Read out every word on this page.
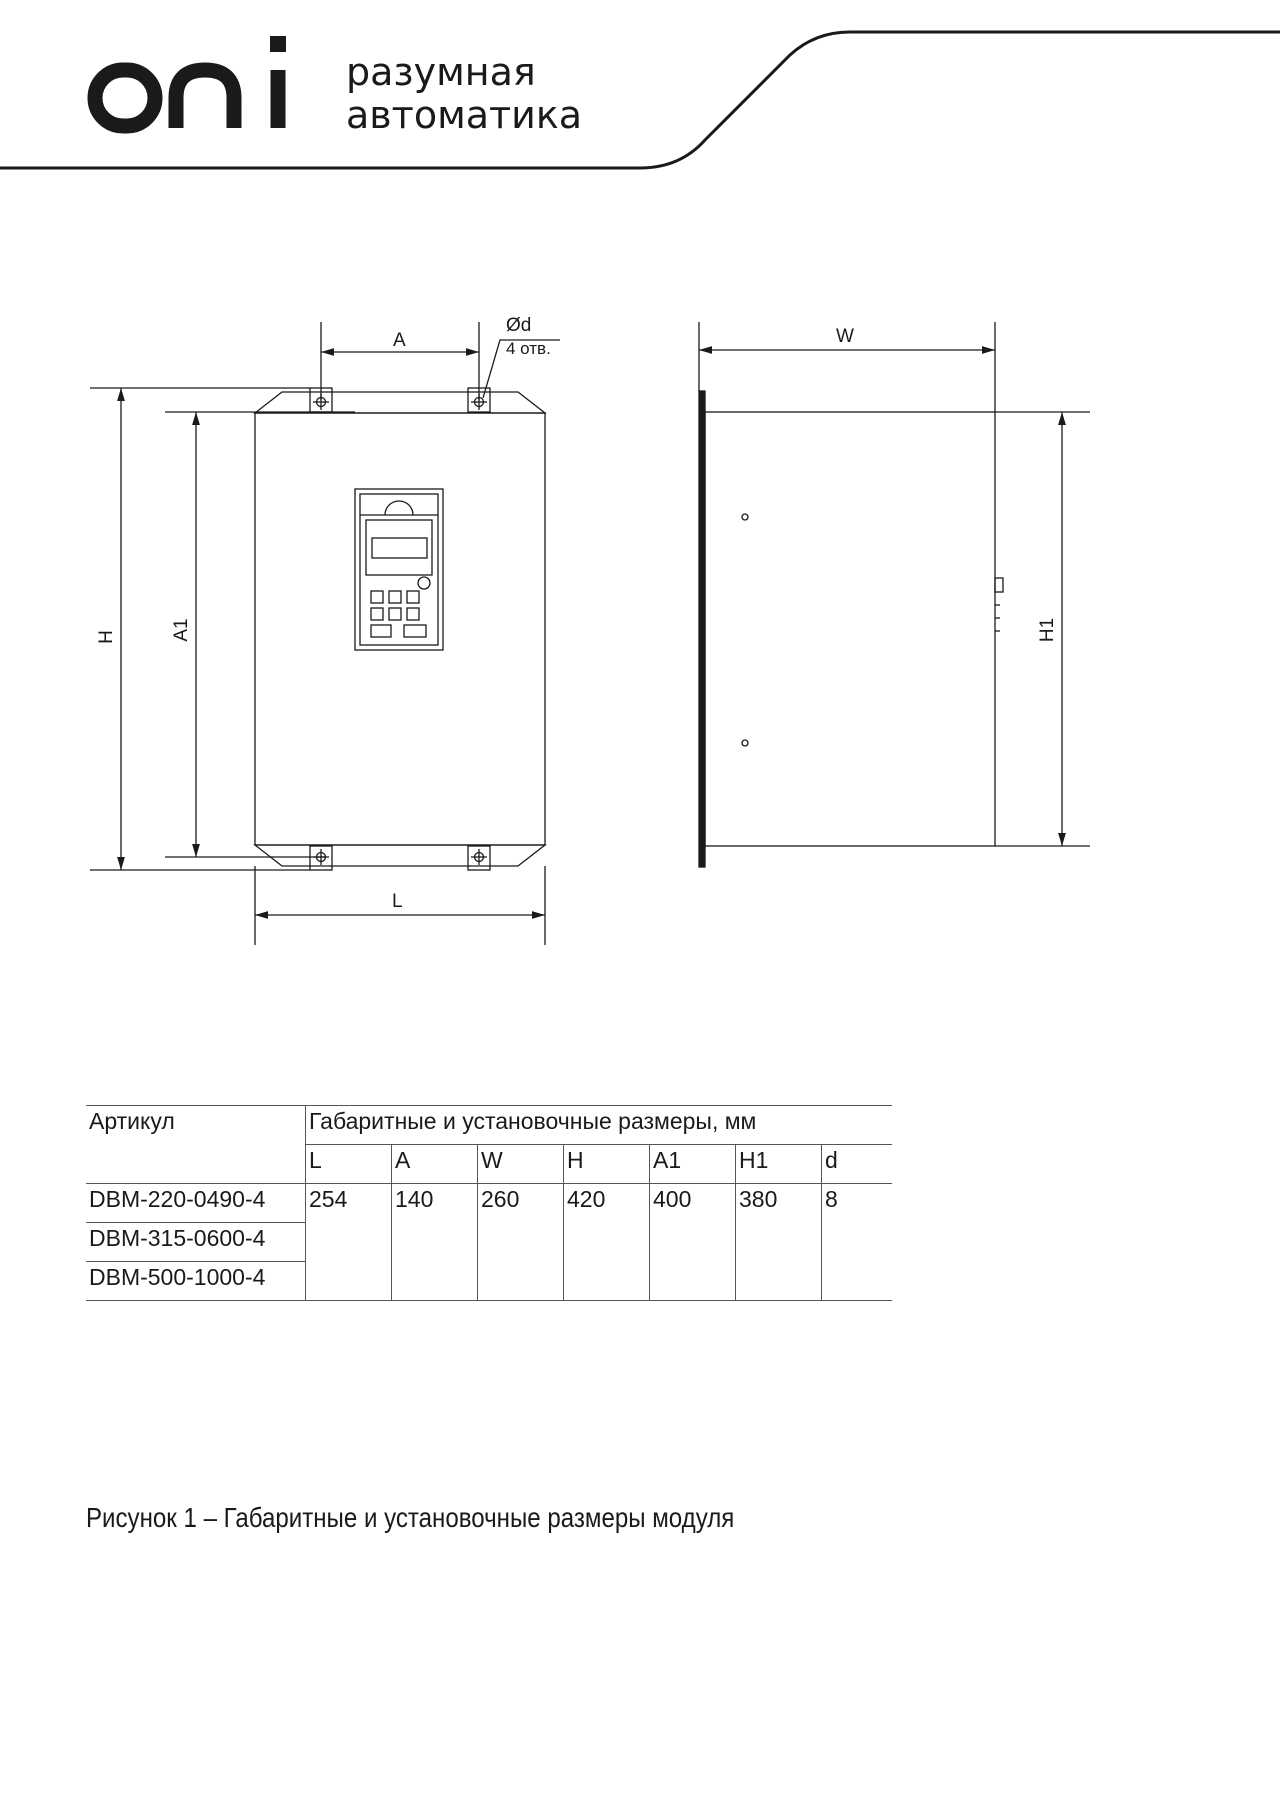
разумная
автоматика
A
L
H	A1
Ød
4 отв.
W
H1
Артикул	Габаритные и установочные размеры, мм						
	L	A	W	H	A1	H1	d
DBM-220-0490-4	254	140	260	420	400	380	8
DBM-315-0600-4							
DBM-500-1000-4							
Рисунок 1 – Габаритные и установочные размеры модуля
